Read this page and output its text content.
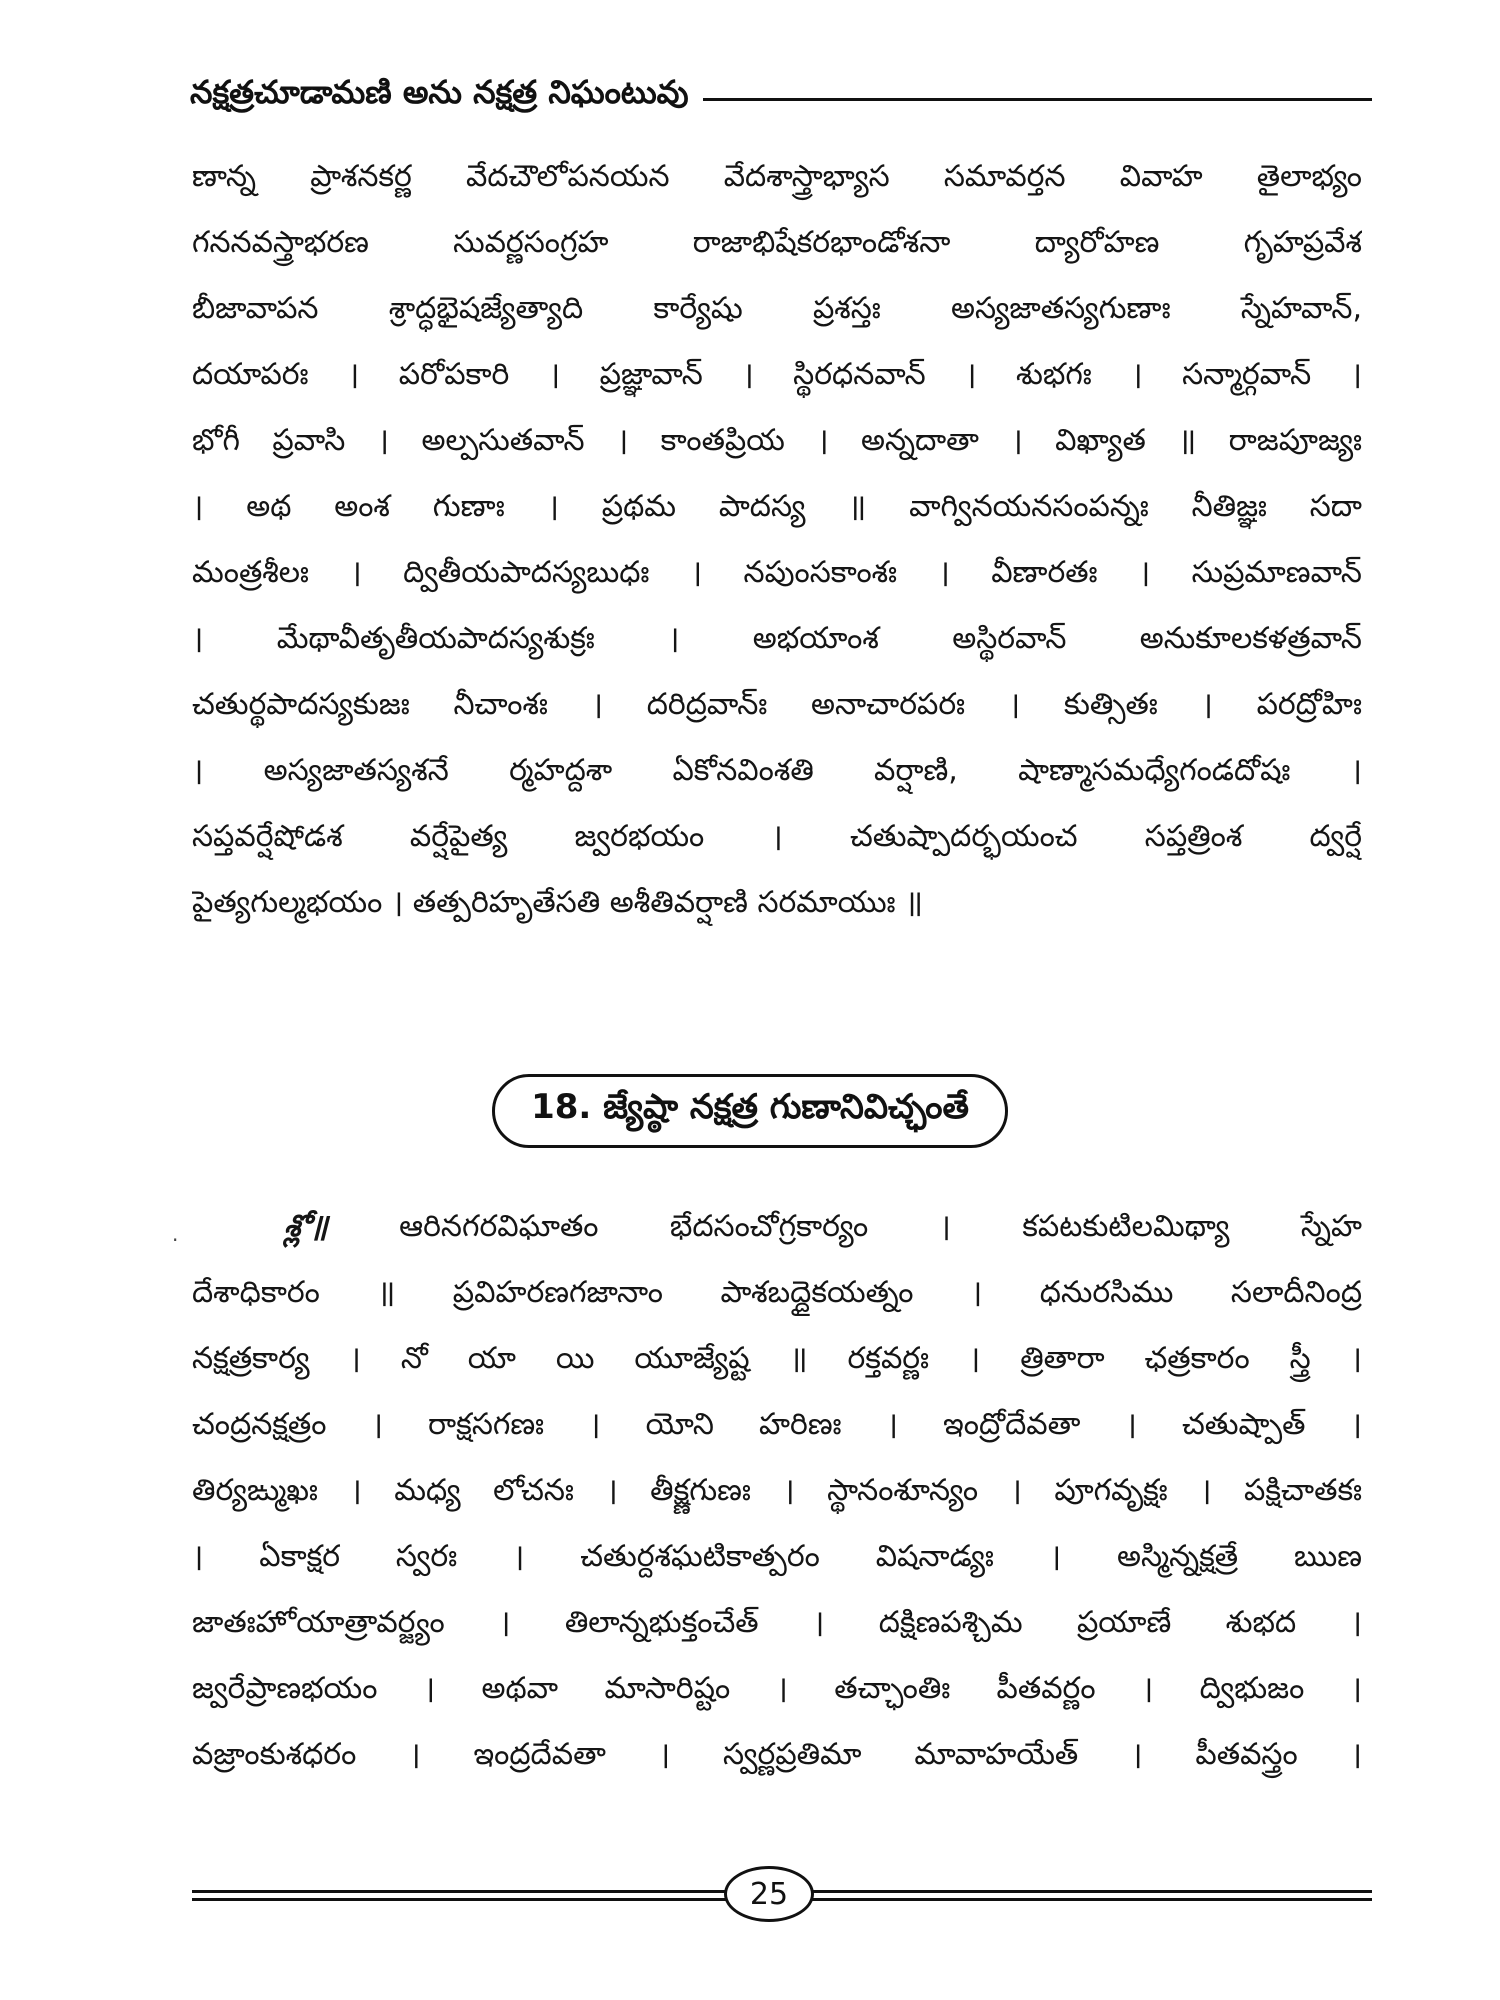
నక్షత్రచూడామణి అను నక్షత్ర నిఘంటువు
ణాన్న ప్రాశనకర్ణ వేదచౌలోపనయన వేదశాస్త్రాభ్యాస సమావర్తన వివాహ తైలాభ్యం
గననవస్త్రాభరణ సువర్ణసంగ్రహ రాజాభిషేకరభాండోశనా ద్యారోహణ గృహప్రవేశ
బీజావాపన శ్రాద్ధభైషజ్యేత్యాది కార్యేషు ప్రశస్తః అస్యజాతస్యగుణాః స్నేహవాన్,
దయాపరః । పరోపకారి । ప్రజ్ఞావాన్ । స్థిరధనవాన్ । శుభగః । సన్మార్గవాన్ ।
భోగీ ప్రవాసి । అల్పసుతవాన్ । కాంతప్రియ । అన్నదాతా । విఖ్యాత ॥ రాజపూజ్యః
। అథ అంశ గుణాః । ప్రథమ పాదస్య ॥ వాగ్వినయనసంపన్నః నీతిజ్ఞః సదా
మంత్రశీలః । ద్వితీయపాదస్యబుధః । నపుంసకాంశః । వీణారతః । సుప్రమాణవాన్
। మేథావీతృతీయపాదస్యశుక్రః । అభయాంశ అస్థిరవాన్ అనుకూలకళత్రవాన్
చతుర్థపాదస్యకుజః నీచాంశః । దరిద్రవాన్ః అనాచారపరః । కుత్సితః । పరద్రోహిః
। అస్యజాతస్యశనే ర్మహద్దశా ఏకోనవింశతి వర్షాణి, షాణ్మాసమధ్యేగండదోషః ।
సప్తవర్షేషోడశ వర్షేపైత్య జ్వరభయం । చతుష్పాదర్భయంచ సప్తత్రింశ ద్వర్షే
పైత్యగుల్మభయం । తత్పరిహృతేసతి అశీతివర్షాణి సరమాయుః ॥
18. జ్యేష్ఠా నక్షత్ర గుణానివిచ్ఛంతే
·	శ్లో॥ ఆరినగరవిఘాతం భేదసంచోగ్రకార్యం । కపటకుటిలమిథ్యా స్నేహ
దేశాధికారం ॥ ప్రవిహరణగజానాం పాశబద్దైకయత్నం । ధనురసిము సలాదీనింద్ర
నక్షత్రకార్య । నో యా యి యూజ్యేష్ట ॥ రక్తవర్ణః । త్రితారా ఛత్రకారం స్త్రీ ।
చంద్రనక్షత్రం । రాక్షసగణః । యోని హరిణః । ఇంద్రోదేవతా । చతుష్పాత్ ।
తిర్యఙ్ముఖః । మధ్య లోచనః । తీక్ష్ణగుణః । స్థానంశూన్యం । పూగవృక్షః । పక్షిచాతకః
। ఏకాక్షర స్వరః । చతుర్దశఘటికాత్పరం విషనాడ్యః । అస్మిన్నక్షత్రే ఋణ
జాతఃహోయాత్రావర్జ్యం । తిలాన్నభుక్తంచేత్ । దక్షిణపశ్చిమ ప్రయాణే శుభద ।
జ్వరేప్రాణభయం । అథవా మాసారిష్టం । తచ్ఛాంతిః పీతవర్ణం । ద్విభుజం ।
వజ్రాంకుశధరం । ఇంద్రదేవతా । స్వర్ణప్రతిమా మావాహయేత్ । పీతవస్త్రం ।
25
